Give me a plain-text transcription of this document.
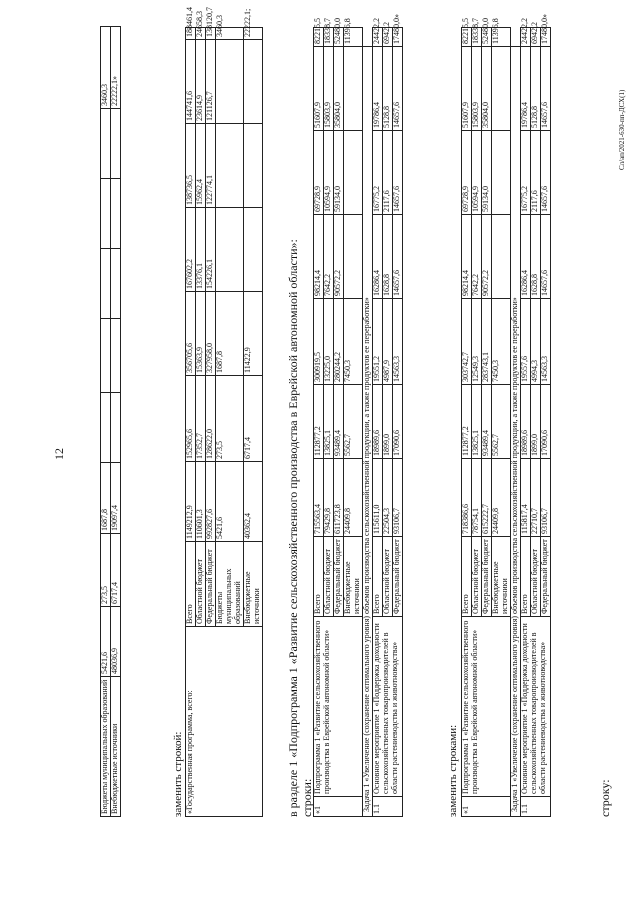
12
Сл/ап/2021-630-пп-ДСХ(1)
Бюджеты муниципальных образований	5421,6	273,5	1687,8						3460,3
Внебюджетные источники	48036,9	6717,4	19097,4						22222,1»
заменить строкой: «Государственная программа, всего:	Всего	1149212,9	152965,6	356705,6	167602,2	138736,5	144741,6	188461,4
	Областной бюджет	110601,3	17352,7	15363,9	13376,1	15962,4	23614,9	24658,3
	Федеральный бюджет	992827,6	128622,0	327958,0	154226,1	122774,1	121126,7	138120,7
	Бюджеты муниципальных образований	5421,6	273,5	1687,8				3460,3
	Внебюджетные источники	40362,4	6717,4	11422,9				22222,1;
в разделе 1 «Подпрограмма 1 «Развитие сельскохозяйственного производства в Еврейской автономной области»: строки: «1	Подпрограмма 1 «Развитие сельскохозяйственного производства в Еврейской автономной области»	Всего	715563,4	112877,2	300919,5	98214,4	69728,9	51607,9	82215,5
		Областной бюджет	79429,8	13825,1	13225,0	7642,2	10594,9	15803,9	18338,7
		Федеральный бюджет	611723,8	93489,4	280244,2	90572,2	59134,0	35804,0	52480,0
		Внебюджетные источники	24409,8	5562,7	7450,3				11396,8
Задача 1 «Увеличение (сохранение оптимального уровня) объемов производства сельскохозяйственной продукции, а также продуктов ее переработки»									
1.1	Основное мероприятие 1 «Поддержка доходности сельскохозяйственных товаропроизводителей в области растениеводства и животноводства»	Всего	115611,0	18989,6	19551,2	16286,4	16775,2	19786,4	24422,2
		Областной бюджет	22504,3	1899,0	4987,9	1628,8	2117,6	5128,8	6942,2
		Федеральный бюджет	93106,7	17090,6	14563,3	14657,6	14657,6	14657,6	17480,0»
заменить строками: «1	Подпрограмма 1 «Развитие сельскохозяйственного производства в Еврейской автономной области»	Всего	718386,6	112877,2	303742,7	98214,4	69728,9	51607,9	82215,5
		Областной бюджет	78754,1	13825,1	12549,3	7642,2	10594,9	15803,9	18338,7
		Федеральный бюджет	615222,7	93489,4	283743,1	90572,2	59134,0	35804,0	52480,0
		Внебюджетные источники	24409,8	5562,7	7450,3				11396,8
Задача 1 «Увеличение (сохранение оптимального уровня) объемов производства сельскохозяйственной продукции, а также продуктов ее переработки»									
1.1	Основное мероприятие 1 «Поддержка доходности сельскохозяйственных товаропроизводителей в области растениеводства и животноводства»	Всего	115817,4	18989,6	19557,6	16286,4	16775,2	19786,4	24422,2
		Областной бюджет	22710,7	1899,0	4994,3	1628,8	2117,6	5128,8	6942,2
		Федеральный бюджет	93106,7	17090,6	14563,3	14657,6	14657,6	14657,6	17480,0»
строку:
